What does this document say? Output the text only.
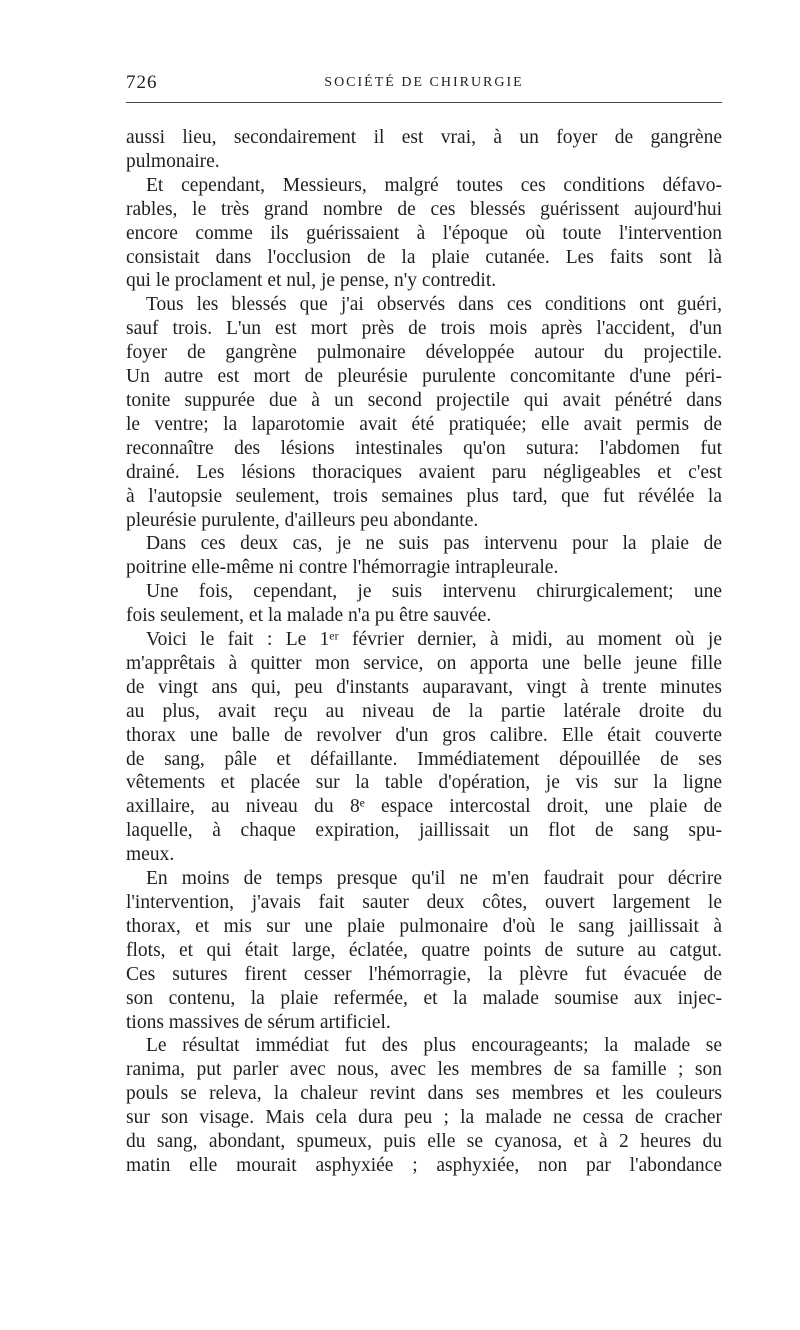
726	SOCIÉTÉ DE CHIRURGIE
aussi lieu, secondairement il est vrai, à un foyer de gangrène
pulmonaire.
Et cependant, Messieurs, malgré toutes ces conditions défavo-
rables, le très grand nombre de ces blessés guérissent aujourd'hui
encore comme ils guérissaient à l'époque où toute l'intervention
consistait dans l'occlusion de la plaie cutanée. Les faits sont là
qui le proclament et nul, je pense, n'y contredit.
Tous les blessés que j'ai observés dans ces conditions ont guéri,
sauf trois. L'un est mort près de trois mois après l'accident, d'un
foyer de gangrène pulmonaire développée autour du projectile.
Un autre est mort de pleurésie purulente concomitante d'une péri-
tonite suppurée due à un second projectile qui avait pénétré dans
le ventre; la laparotomie avait été pratiquée; elle avait permis de
reconnaître des lésions intestinales qu'on sutura: l'abdomen fut
drainé. Les lésions thoraciques avaient paru négligeables et c'est
à l'autopsie seulement, trois semaines plus tard, que fut révélée la
pleurésie purulente, d'ailleurs peu abondante.
Dans ces deux cas, je ne suis pas intervenu pour la plaie de
poitrine elle-même ni contre l'hémorragie intrapleurale.
Une fois, cependant, je suis intervenu chirurgicalement; une
fois seulement, et la malade n'a pu être sauvée.
Voici le fait : Le 1ᵉʳ février dernier, à midi, au moment où je
m'apprêtais à quitter mon service, on apporta une belle jeune fille
de vingt ans qui, peu d'instants auparavant, vingt à trente minutes
au plus, avait reçu au niveau de la partie latérale droite du
thorax une balle de revolver d'un gros calibre. Elle était couverte
de sang, pâle et défaillante. Immédiatement dépouillée de ses
vêtements et placée sur la table d'opération, je vis sur la ligne
axillaire, au niveau du 8ᵉ espace intercostal droit, une plaie de
laquelle, à chaque expiration, jaillissait un flot de sang spu-
meux.
En moins de temps presque qu'il ne m'en faudrait pour décrire
l'intervention, j'avais fait sauter deux côtes, ouvert largement le
thorax, et mis sur une plaie pulmonaire d'où le sang jaillissait à
flots, et qui était large, éclatée, quatre points de suture au catgut.
Ces sutures firent cesser l'hémorragie, la plèvre fut évacuée de
son contenu, la plaie refermée, et la malade soumise aux injec-
tions massives de sérum artificiel.
Le résultat immédiat fut des plus encourageants; la malade se
ranima, put parler avec nous, avec les membres de sa famille ; son
pouls se releva, la chaleur revint dans ses membres et les couleurs
sur son visage. Mais cela dura peu ; la malade ne cessa de cracher
du sang, abondant, spumeux, puis elle se cyanosa, et à 2 heures du
matin elle mourait asphyxiée ; asphyxiée, non par l'abondance
